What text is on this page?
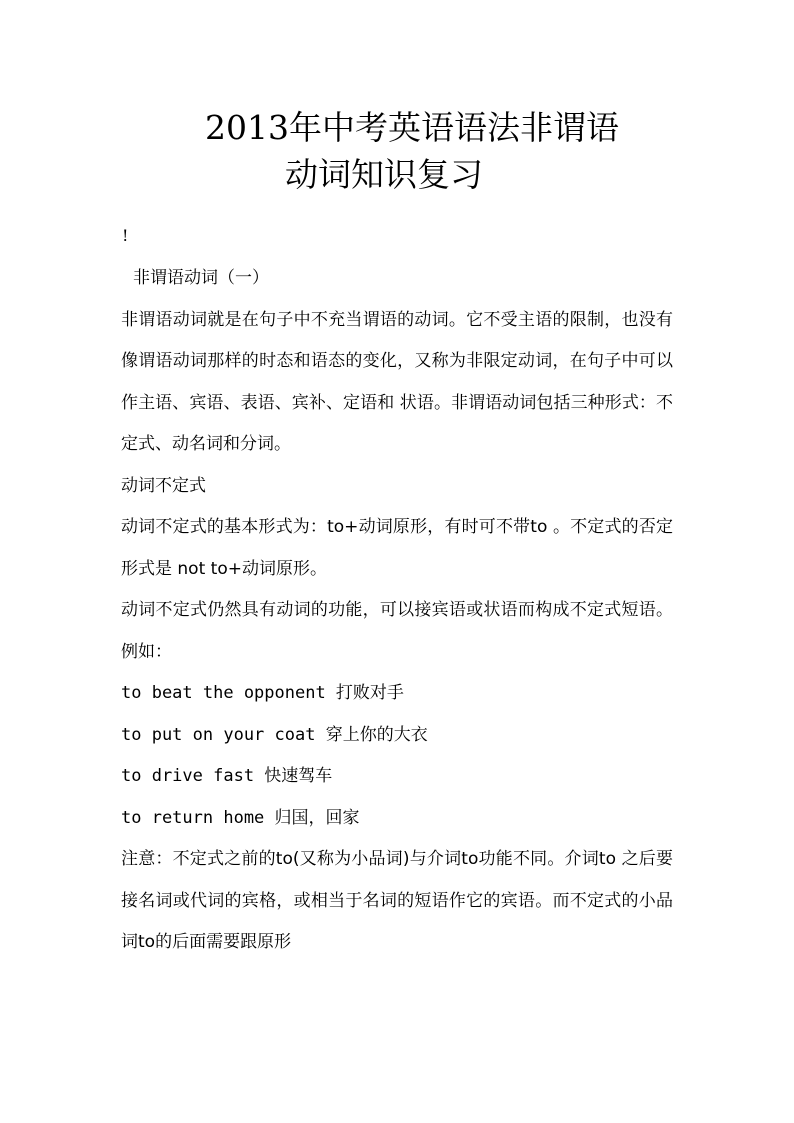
2013年中考英语语法非谓语
动词知识复习
!

非谓语动词（一）

非谓语动词就是在句子中不充当谓语的动词。它不受主语的限制，也没有像谓语动词那样的时态和语态的变化，又称为非限定动词，在句子中可以作主语、宾语、表语、宾补、定语和 状语。非谓语动词包括三种形式：不定式、动名词和分词。

动词不定式

动词不定式的基本形式为：to+动词原形，有时可不带to 。不定式的否定形式是 not to+动词原形。

动词不定式仍然具有动词的功能，可以接宾语或状语而构成不定式短语。例如：

to beat the opponent 打败对手

to put on your coat 穿上你的大衣

to drive fast 快速驾车

to return home 归国，回家

注意：不定式之前的to(又称为小品词)与介词to功能不同。介词to 之后要接名词或代词的宾格，或相当于名词的短语作它的宾语。而不定式的小品词to的后面需要跟原形
